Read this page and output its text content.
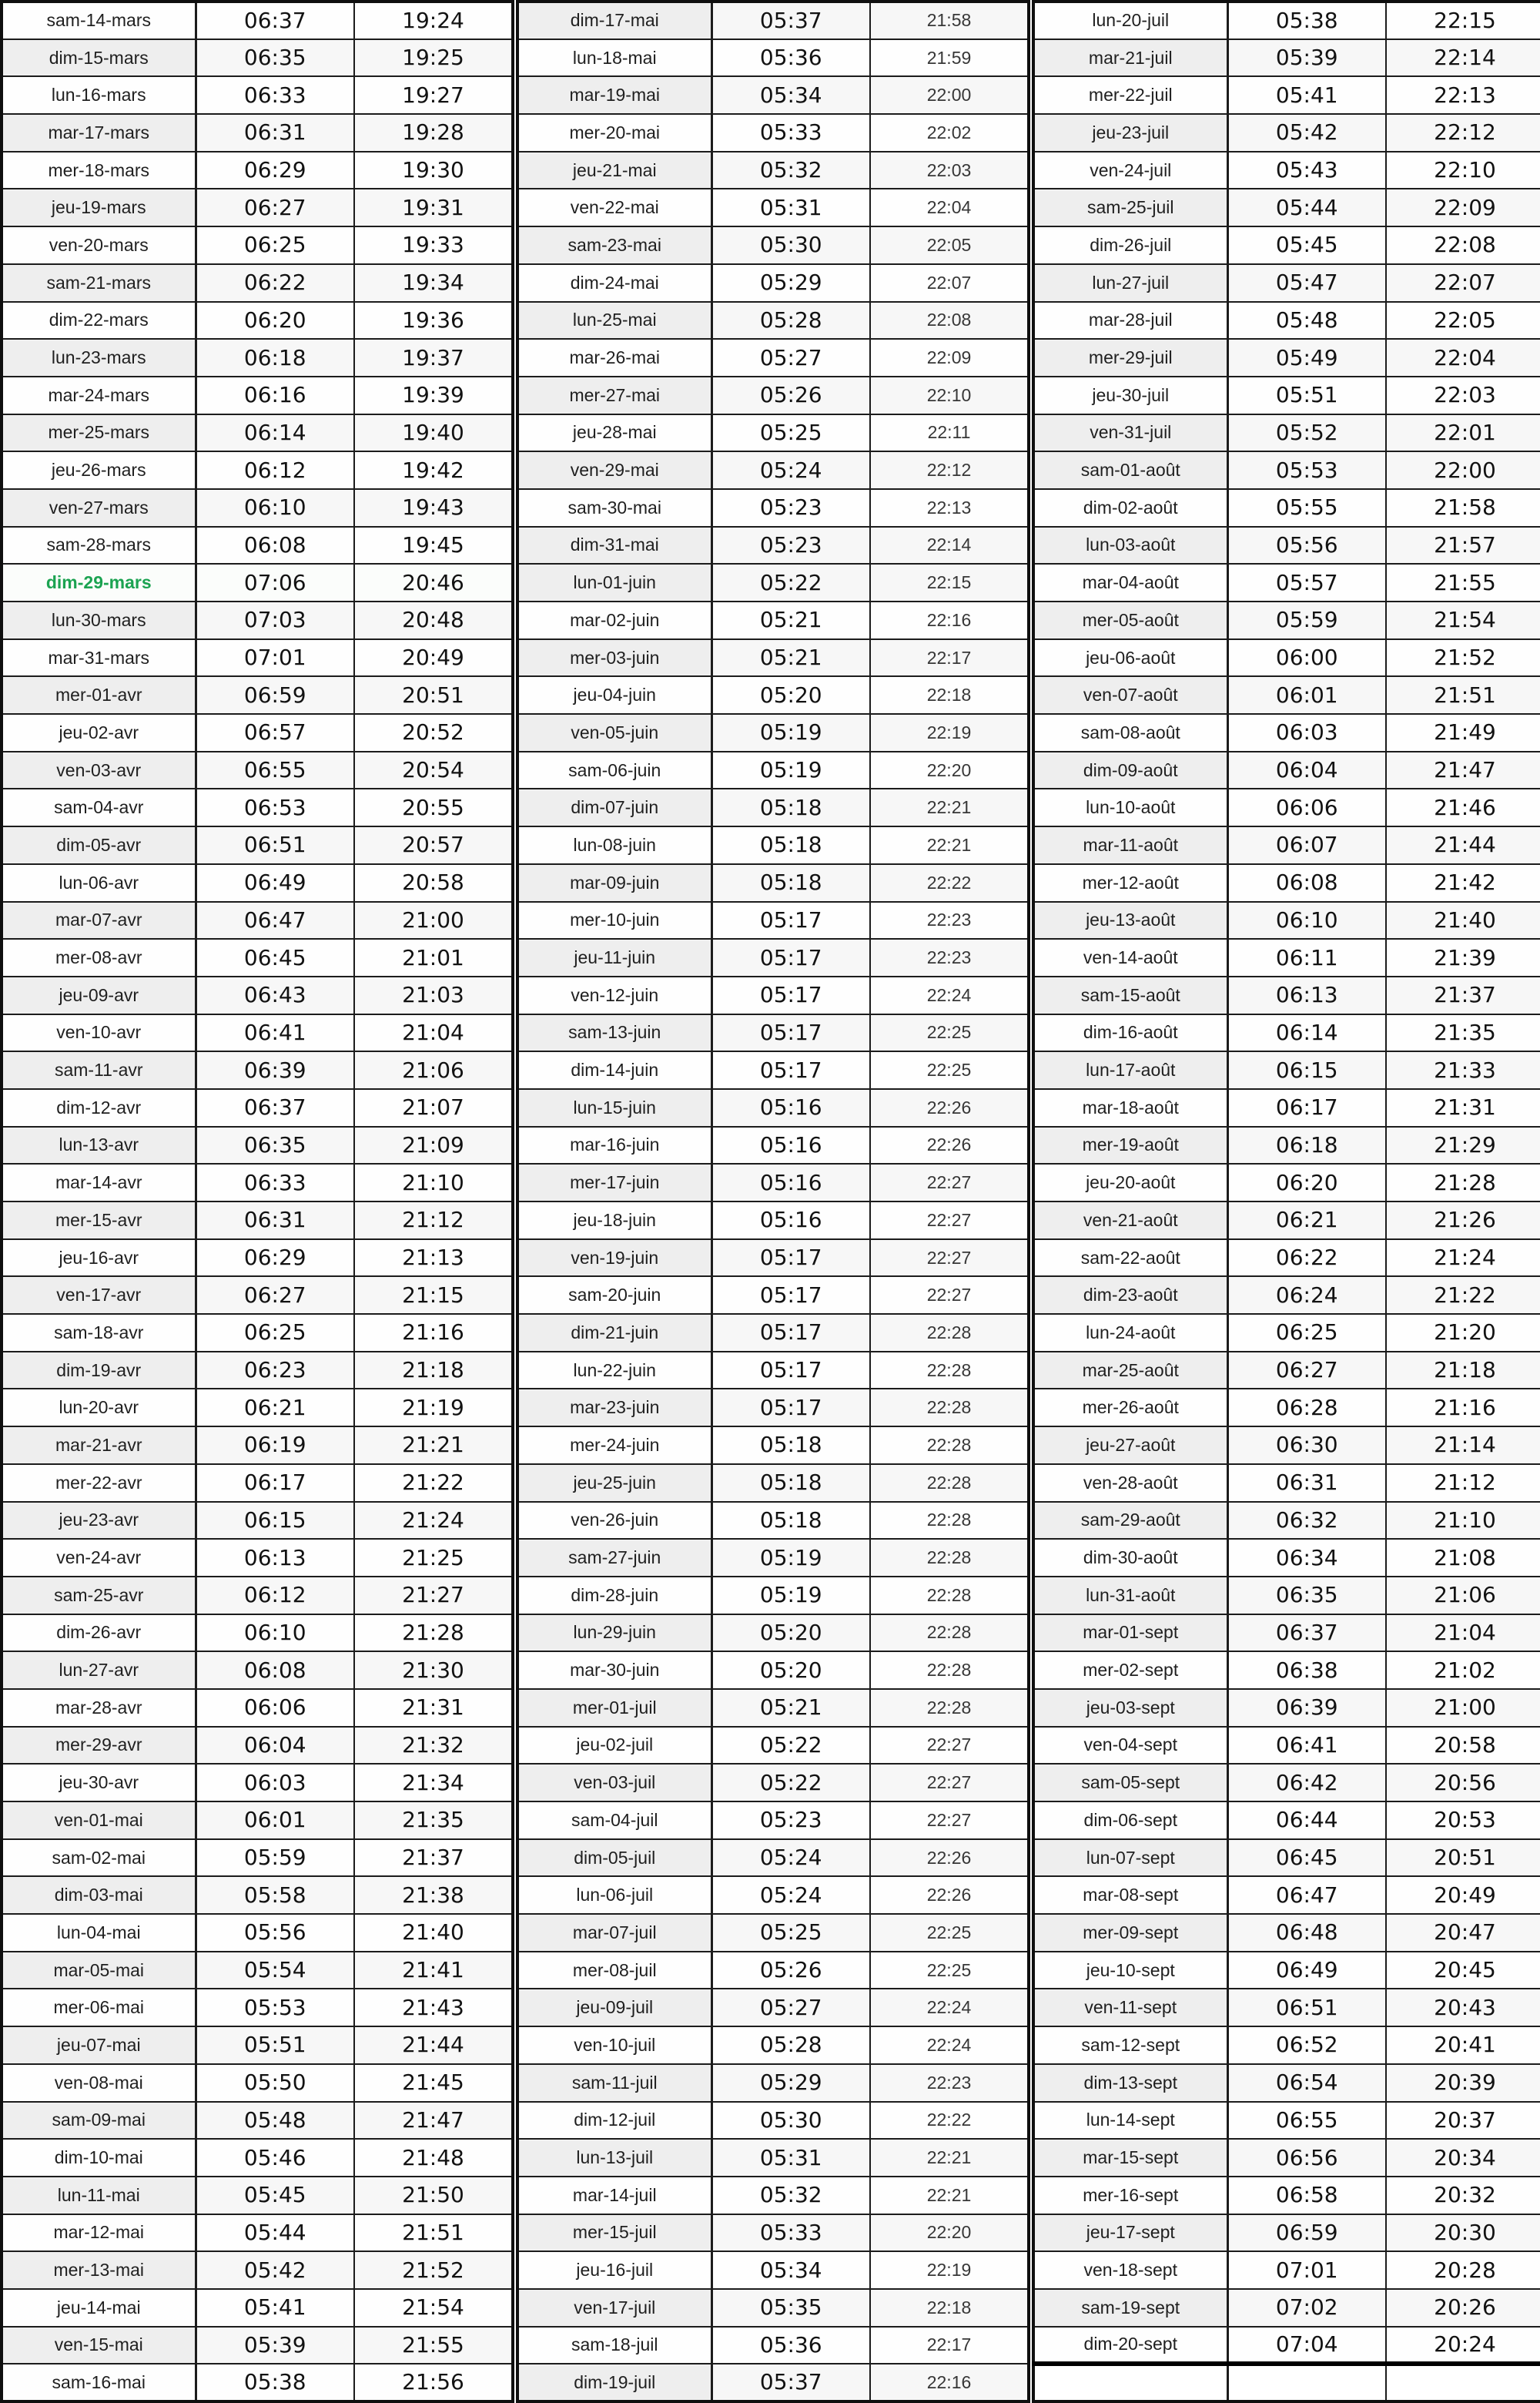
sam-14-mars	06:37	19:24
dim-15-mars	06:35	19:25
lun-16-mars	06:33	19:27
mar-17-mars	06:31	19:28
mer-18-mars	06:29	19:30
jeu-19-mars	06:27	19:31
ven-20-mars	06:25	19:33
sam-21-mars	06:22	19:34
dim-22-mars	06:20	19:36
lun-23-mars	06:18	19:37
mar-24-mars	06:16	19:39
mer-25-mars	06:14	19:40
jeu-26-mars	06:12	19:42
ven-27-mars	06:10	19:43
sam-28-mars	06:08	19:45
dim-29-mars	07:06	20:46
lun-30-mars	07:03	20:48
mar-31-mars	07:01	20:49
mer-01-avr	06:59	20:51
jeu-02-avr	06:57	20:52
ven-03-avr	06:55	20:54
sam-04-avr	06:53	20:55
dim-05-avr	06:51	20:57
lun-06-avr	06:49	20:58
mar-07-avr	06:47	21:00
mer-08-avr	06:45	21:01
jeu-09-avr	06:43	21:03
ven-10-avr	06:41	21:04
sam-11-avr	06:39	21:06
dim-12-avr	06:37	21:07
lun-13-avr	06:35	21:09
mar-14-avr	06:33	21:10
mer-15-avr	06:31	21:12
jeu-16-avr	06:29	21:13
ven-17-avr	06:27	21:15
sam-18-avr	06:25	21:16
dim-19-avr	06:23	21:18
lun-20-avr	06:21	21:19
mar-21-avr	06:19	21:21
mer-22-avr	06:17	21:22
jeu-23-avr	06:15	21:24
ven-24-avr	06:13	21:25
sam-25-avr	06:12	21:27
dim-26-avr	06:10	21:28
lun-27-avr	06:08	21:30
mar-28-avr	06:06	21:31
mer-29-avr	06:04	21:32
jeu-30-avr	06:03	21:34
ven-01-mai	06:01	21:35
sam-02-mai	05:59	21:37
dim-03-mai	05:58	21:38
lun-04-mai	05:56	21:40
mar-05-mai	05:54	21:41
mer-06-mai	05:53	21:43
jeu-07-mai	05:51	21:44
ven-08-mai	05:50	21:45
sam-09-mai	05:48	21:47
dim-10-mai	05:46	21:48
lun-11-mai	05:45	21:50
mar-12-mai	05:44	21:51
mer-13-mai	05:42	21:52
jeu-14-mai	05:41	21:54
ven-15-mai	05:39	21:55
sam-16-mai	05:38	21:56
dim-17-mai	05:37	21:58
lun-18-mai	05:36	21:59
mar-19-mai	05:34	22:00
mer-20-mai	05:33	22:02
jeu-21-mai	05:32	22:03
ven-22-mai	05:31	22:04
sam-23-mai	05:30	22:05
dim-24-mai	05:29	22:07
lun-25-mai	05:28	22:08
mar-26-mai	05:27	22:09
mer-27-mai	05:26	22:10
jeu-28-mai	05:25	22:11
ven-29-mai	05:24	22:12
sam-30-mai	05:23	22:13
dim-31-mai	05:23	22:14
lun-01-juin	05:22	22:15
mar-02-juin	05:21	22:16
mer-03-juin	05:21	22:17
jeu-04-juin	05:20	22:18
ven-05-juin	05:19	22:19
sam-06-juin	05:19	22:20
dim-07-juin	05:18	22:21
lun-08-juin	05:18	22:21
mar-09-juin	05:18	22:22
mer-10-juin	05:17	22:23
jeu-11-juin	05:17	22:23
ven-12-juin	05:17	22:24
sam-13-juin	05:17	22:25
dim-14-juin	05:17	22:25
lun-15-juin	05:16	22:26
mar-16-juin	05:16	22:26
mer-17-juin	05:16	22:27
jeu-18-juin	05:16	22:27
ven-19-juin	05:17	22:27
sam-20-juin	05:17	22:27
dim-21-juin	05:17	22:28
lun-22-juin	05:17	22:28
mar-23-juin	05:17	22:28
mer-24-juin	05:18	22:28
jeu-25-juin	05:18	22:28
ven-26-juin	05:18	22:28
sam-27-juin	05:19	22:28
dim-28-juin	05:19	22:28
lun-29-juin	05:20	22:28
mar-30-juin	05:20	22:28
mer-01-juil	05:21	22:28
jeu-02-juil	05:22	22:27
ven-03-juil	05:22	22:27
sam-04-juil	05:23	22:27
dim-05-juil	05:24	22:26
lun-06-juil	05:24	22:26
mar-07-juil	05:25	22:25
mer-08-juil	05:26	22:25
jeu-09-juil	05:27	22:24
ven-10-juil	05:28	22:24
sam-11-juil	05:29	22:23
dim-12-juil	05:30	22:22
lun-13-juil	05:31	22:21
mar-14-juil	05:32	22:21
mer-15-juil	05:33	22:20
jeu-16-juil	05:34	22:19
ven-17-juil	05:35	22:18
sam-18-juil	05:36	22:17
dim-19-juil	05:37	22:16
lun-20-juil	05:38	22:15
mar-21-juil	05:39	22:14
mer-22-juil	05:41	22:13
jeu-23-juil	05:42	22:12
ven-24-juil	05:43	22:10
sam-25-juil	05:44	22:09
dim-26-juil	05:45	22:08
lun-27-juil	05:47	22:07
mar-28-juil	05:48	22:05
mer-29-juil	05:49	22:04
jeu-30-juil	05:51	22:03
ven-31-juil	05:52	22:01
sam-01-août	05:53	22:00
dim-02-août	05:55	21:58
lun-03-août	05:56	21:57
mar-04-août	05:57	21:55
mer-05-août	05:59	21:54
jeu-06-août	06:00	21:52
ven-07-août	06:01	21:51
sam-08-août	06:03	21:49
dim-09-août	06:04	21:47
lun-10-août	06:06	21:46
mar-11-août	06:07	21:44
mer-12-août	06:08	21:42
jeu-13-août	06:10	21:40
ven-14-août	06:11	21:39
sam-15-août	06:13	21:37
dim-16-août	06:14	21:35
lun-17-août	06:15	21:33
mar-18-août	06:17	21:31
mer-19-août	06:18	21:29
jeu-20-août	06:20	21:28
ven-21-août	06:21	21:26
sam-22-août	06:22	21:24
dim-23-août	06:24	21:22
lun-24-août	06:25	21:20
mar-25-août	06:27	21:18
mer-26-août	06:28	21:16
jeu-27-août	06:30	21:14
ven-28-août	06:31	21:12
sam-29-août	06:32	21:10
dim-30-août	06:34	21:08
lun-31-août	06:35	21:06
mar-01-sept	06:37	21:04
mer-02-sept	06:38	21:02
jeu-03-sept	06:39	21:00
ven-04-sept	06:41	20:58
sam-05-sept	06:42	20:56
dim-06-sept	06:44	20:53
lun-07-sept	06:45	20:51
mar-08-sept	06:47	20:49
mer-09-sept	06:48	20:47
jeu-10-sept	06:49	20:45
ven-11-sept	06:51	20:43
sam-12-sept	06:52	20:41
dim-13-sept	06:54	20:39
lun-14-sept	06:55	20:37
mar-15-sept	06:56	20:34
mer-16-sept	06:58	20:32
jeu-17-sept	06:59	20:30
ven-18-sept	07:01	20:28
sam-19-sept	07:02	20:26
dim-20-sept	07:04	20:24
